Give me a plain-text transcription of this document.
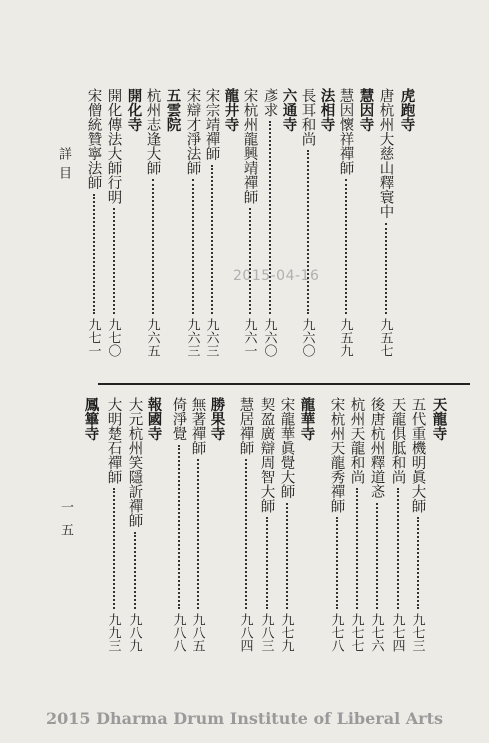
詳目
2015-04-16
一五
虎跑寺
唐杭州大慈山釋寰中
九五七
慧因寺
慧因懷祥禪師
九五九
法相寺
長耳和尚
九六〇
六通寺
彥求
九六〇
宋杭州龍興靖禪師
九六一
龍井寺
宋宗靖禪師
九六三
宋辯才淨法師
九六三
五雲院
杭州志逢大師
九六五
開化寺
開化傳法大師行明
九七〇
宋僧統贊寧法師
九七一
天龍寺
五代重機明眞大師
九七三
天龍俱胝和尚
九七四
後唐杭州釋道忞
九七六
杭州天龍和尚
九七七
宋杭州天龍秀禪師
九七八
龍華寺
宋龍華眞覺大師
九七九
契盈廣辯周智大師
九八三
慧居禪師
九八四
勝果寺
無著禪師
九八五
倚淨覺
九八八
報國寺
大元杭州笑隱訢禪師
九八九
大明楚石禪師
九九三
鳳篳寺
2015 Dharma Drum Institute of Liberal Arts
